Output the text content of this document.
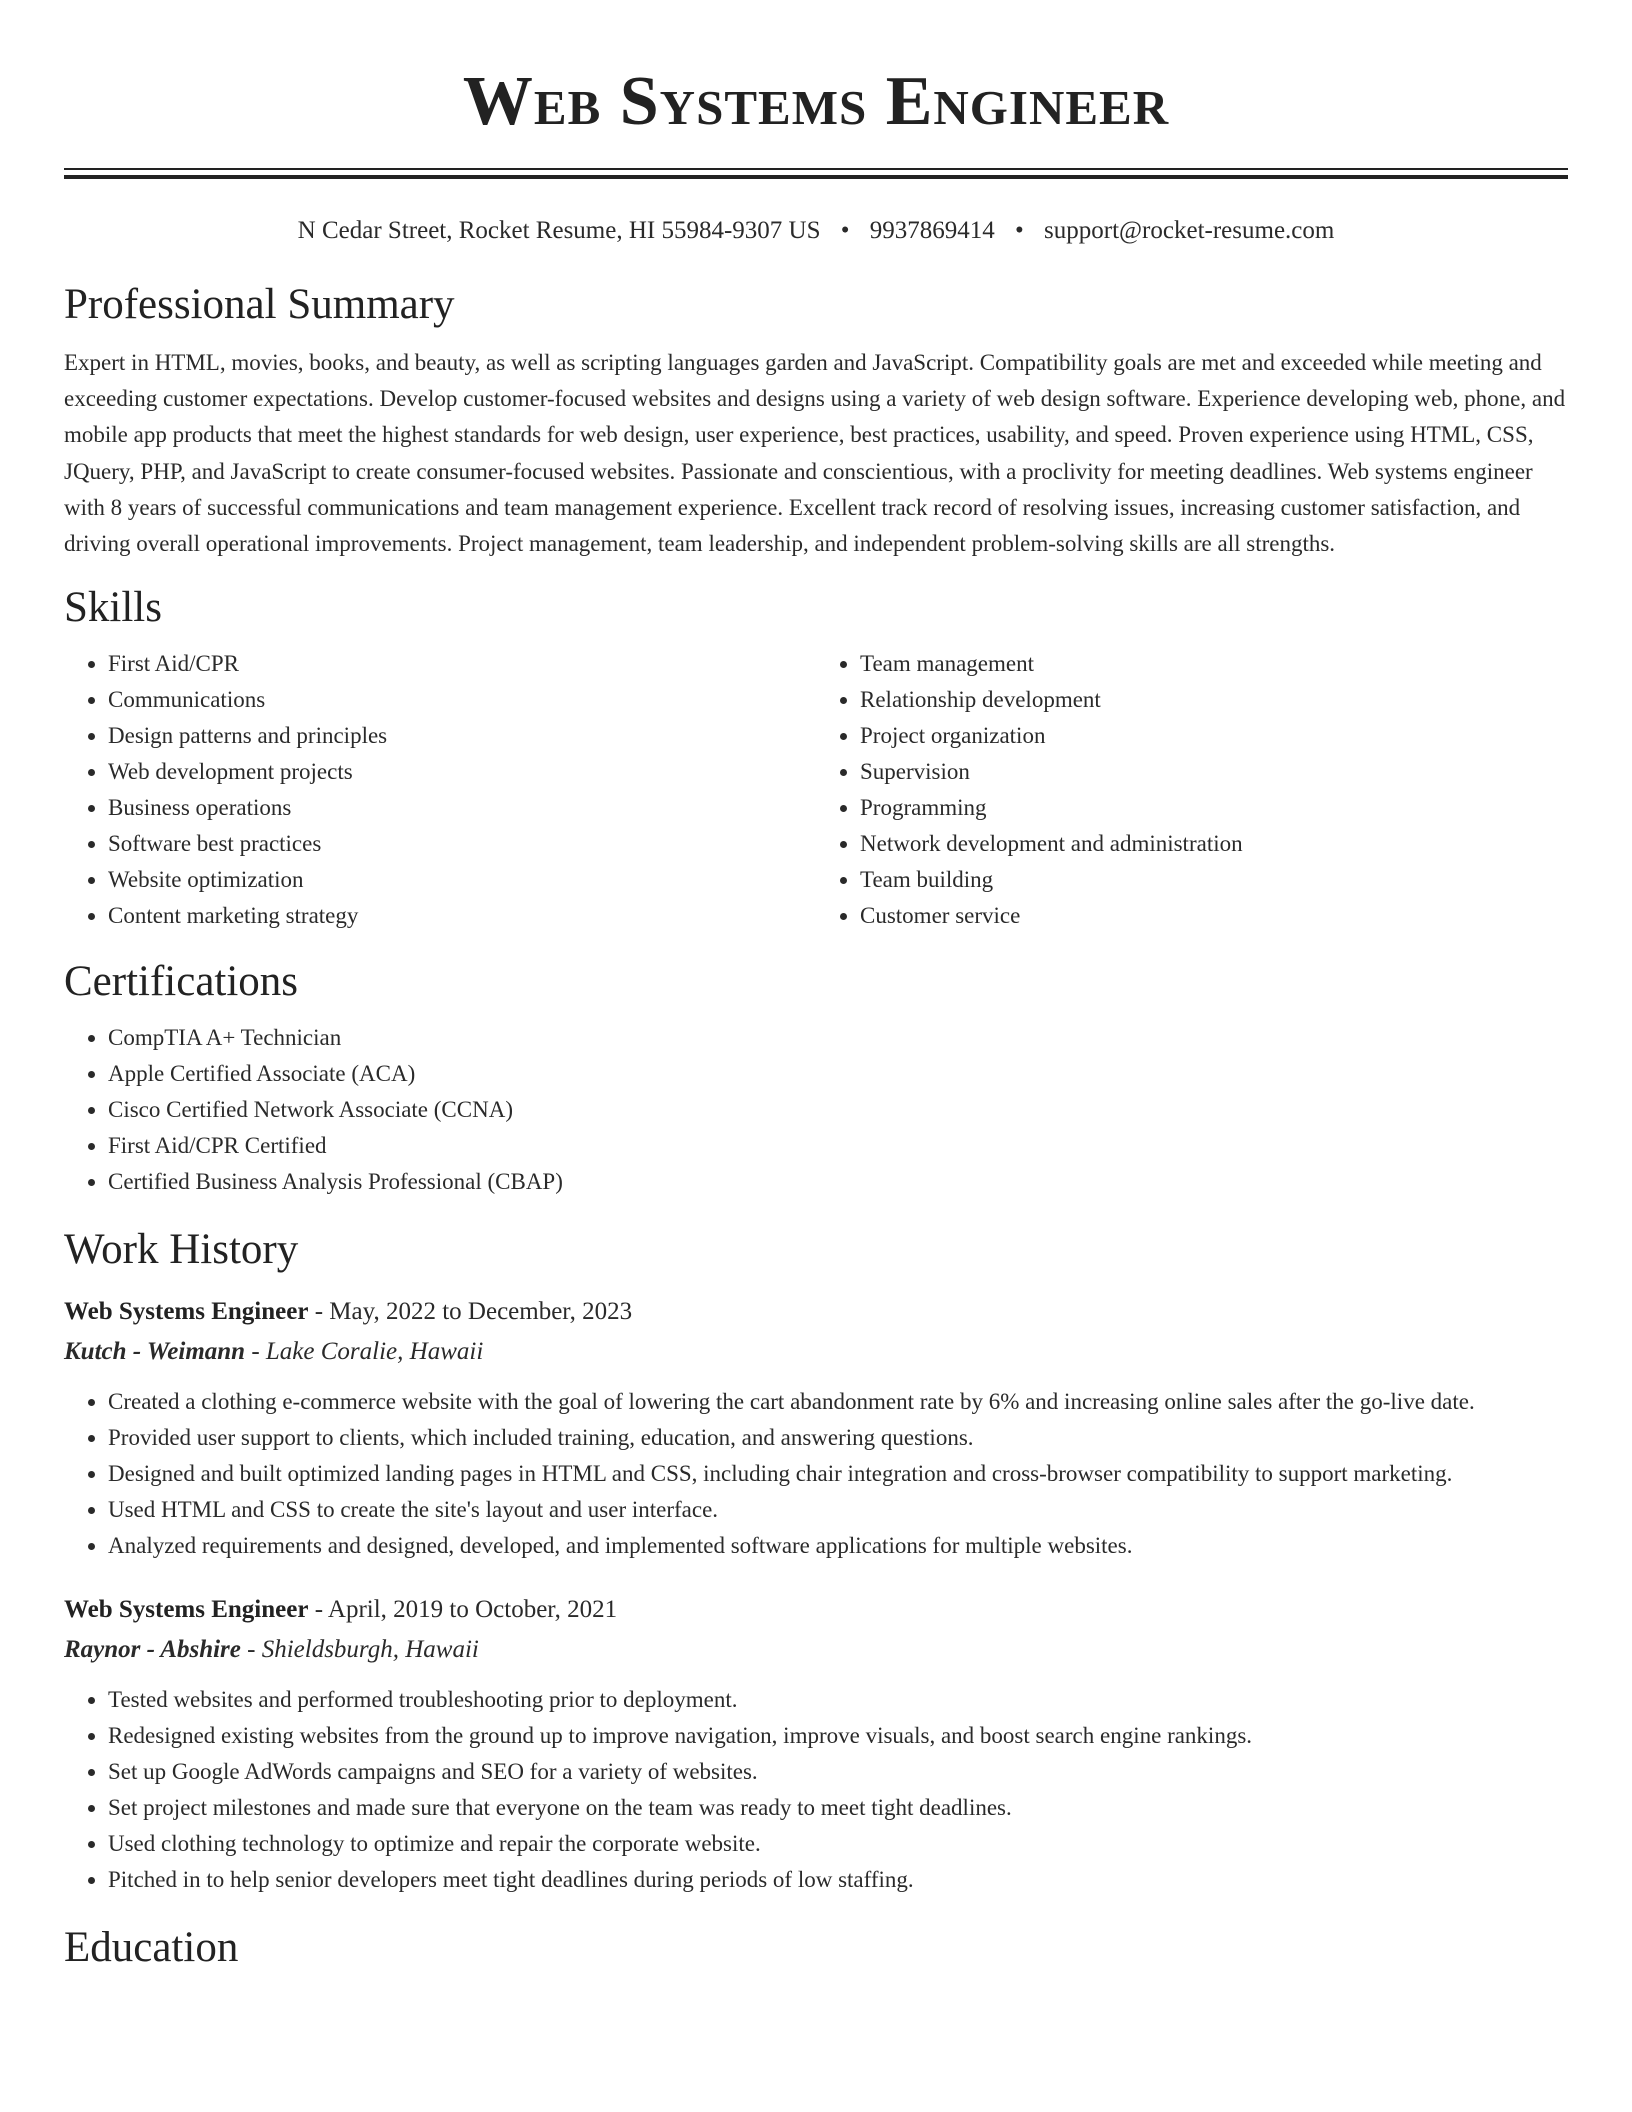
Web Systems Engineer
N Cedar Street, Rocket Resume, HI 55984-9307 US • 9937869414 • support@rocket-resume.com
Professional Summary

Expert in HTML, movies, books, and beauty, as well as scripting languages garden and JavaScript. Compatibility goals are met and exceeded while meeting and exceeding customer expectations. Develop customer-focused websites and designs using a variety of web design software. Experience developing web, phone, and mobile app products that meet the highest standards for web design, user experience, best practices, usability, and speed. Proven experience using HTML, CSS, JQuery, PHP, and JavaScript to create consumer-focused websites. Passionate and conscientious, with a proclivity for meeting deadlines. Web systems engineer with 8 years of successful communications and team management experience. Excellent track record of resolving issues, increasing customer satisfaction, and driving overall operational improvements. Project management, team leadership, and independent problem-solving skills are all strengths.

Skills
• First Aid/CPR
• Communications
• Design patterns and principles
• Web development projects
• Business operations
• Software best practices
• Website optimization
• Content marketing strategy
• Team management
• Relationship development
• Project organization
• Supervision
• Programming
• Network development and administration
• Team building
• Customer service
Certifications
• CompTIA A+ Technician
• Apple Certified Associate (ACA)
• Cisco Certified Network Associate (CCNA)
• First Aid/CPR Certified
• Certified Business Analysis Professional (CBAP)
Work History
Web Systems Engineer - May, 2022 to December, 2023
Kutch - Weimann - Lake Coralie, Hawaii
• Created a clothing e-commerce website with the goal of lowering the cart abandonment rate by 6% and increasing online sales after the go-live date.
• Provided user support to clients, which included training, education, and answering questions.
• Designed and built optimized landing pages in HTML and CSS, including chair integration and cross-browser compatibility to support marketing.
• Used HTML and CSS to create the site's layout and user interface.
• Analyzed requirements and designed, developed, and implemented software applications for multiple websites.
Web Systems Engineer - April, 2019 to October, 2021
Raynor - Abshire - Shieldsburgh, Hawaii
• Tested websites and performed troubleshooting prior to deployment.
• Redesigned existing websites from the ground up to improve navigation, improve visuals, and boost search engine rankings.
• Set up Google AdWords campaigns and SEO for a variety of websites.
• Set project milestones and made sure that everyone on the team was ready to meet tight deadlines.
• Used clothing technology to optimize and repair the corporate website.
• Pitched in to help senior developers meet tight deadlines during periods of low staffing.
Education
